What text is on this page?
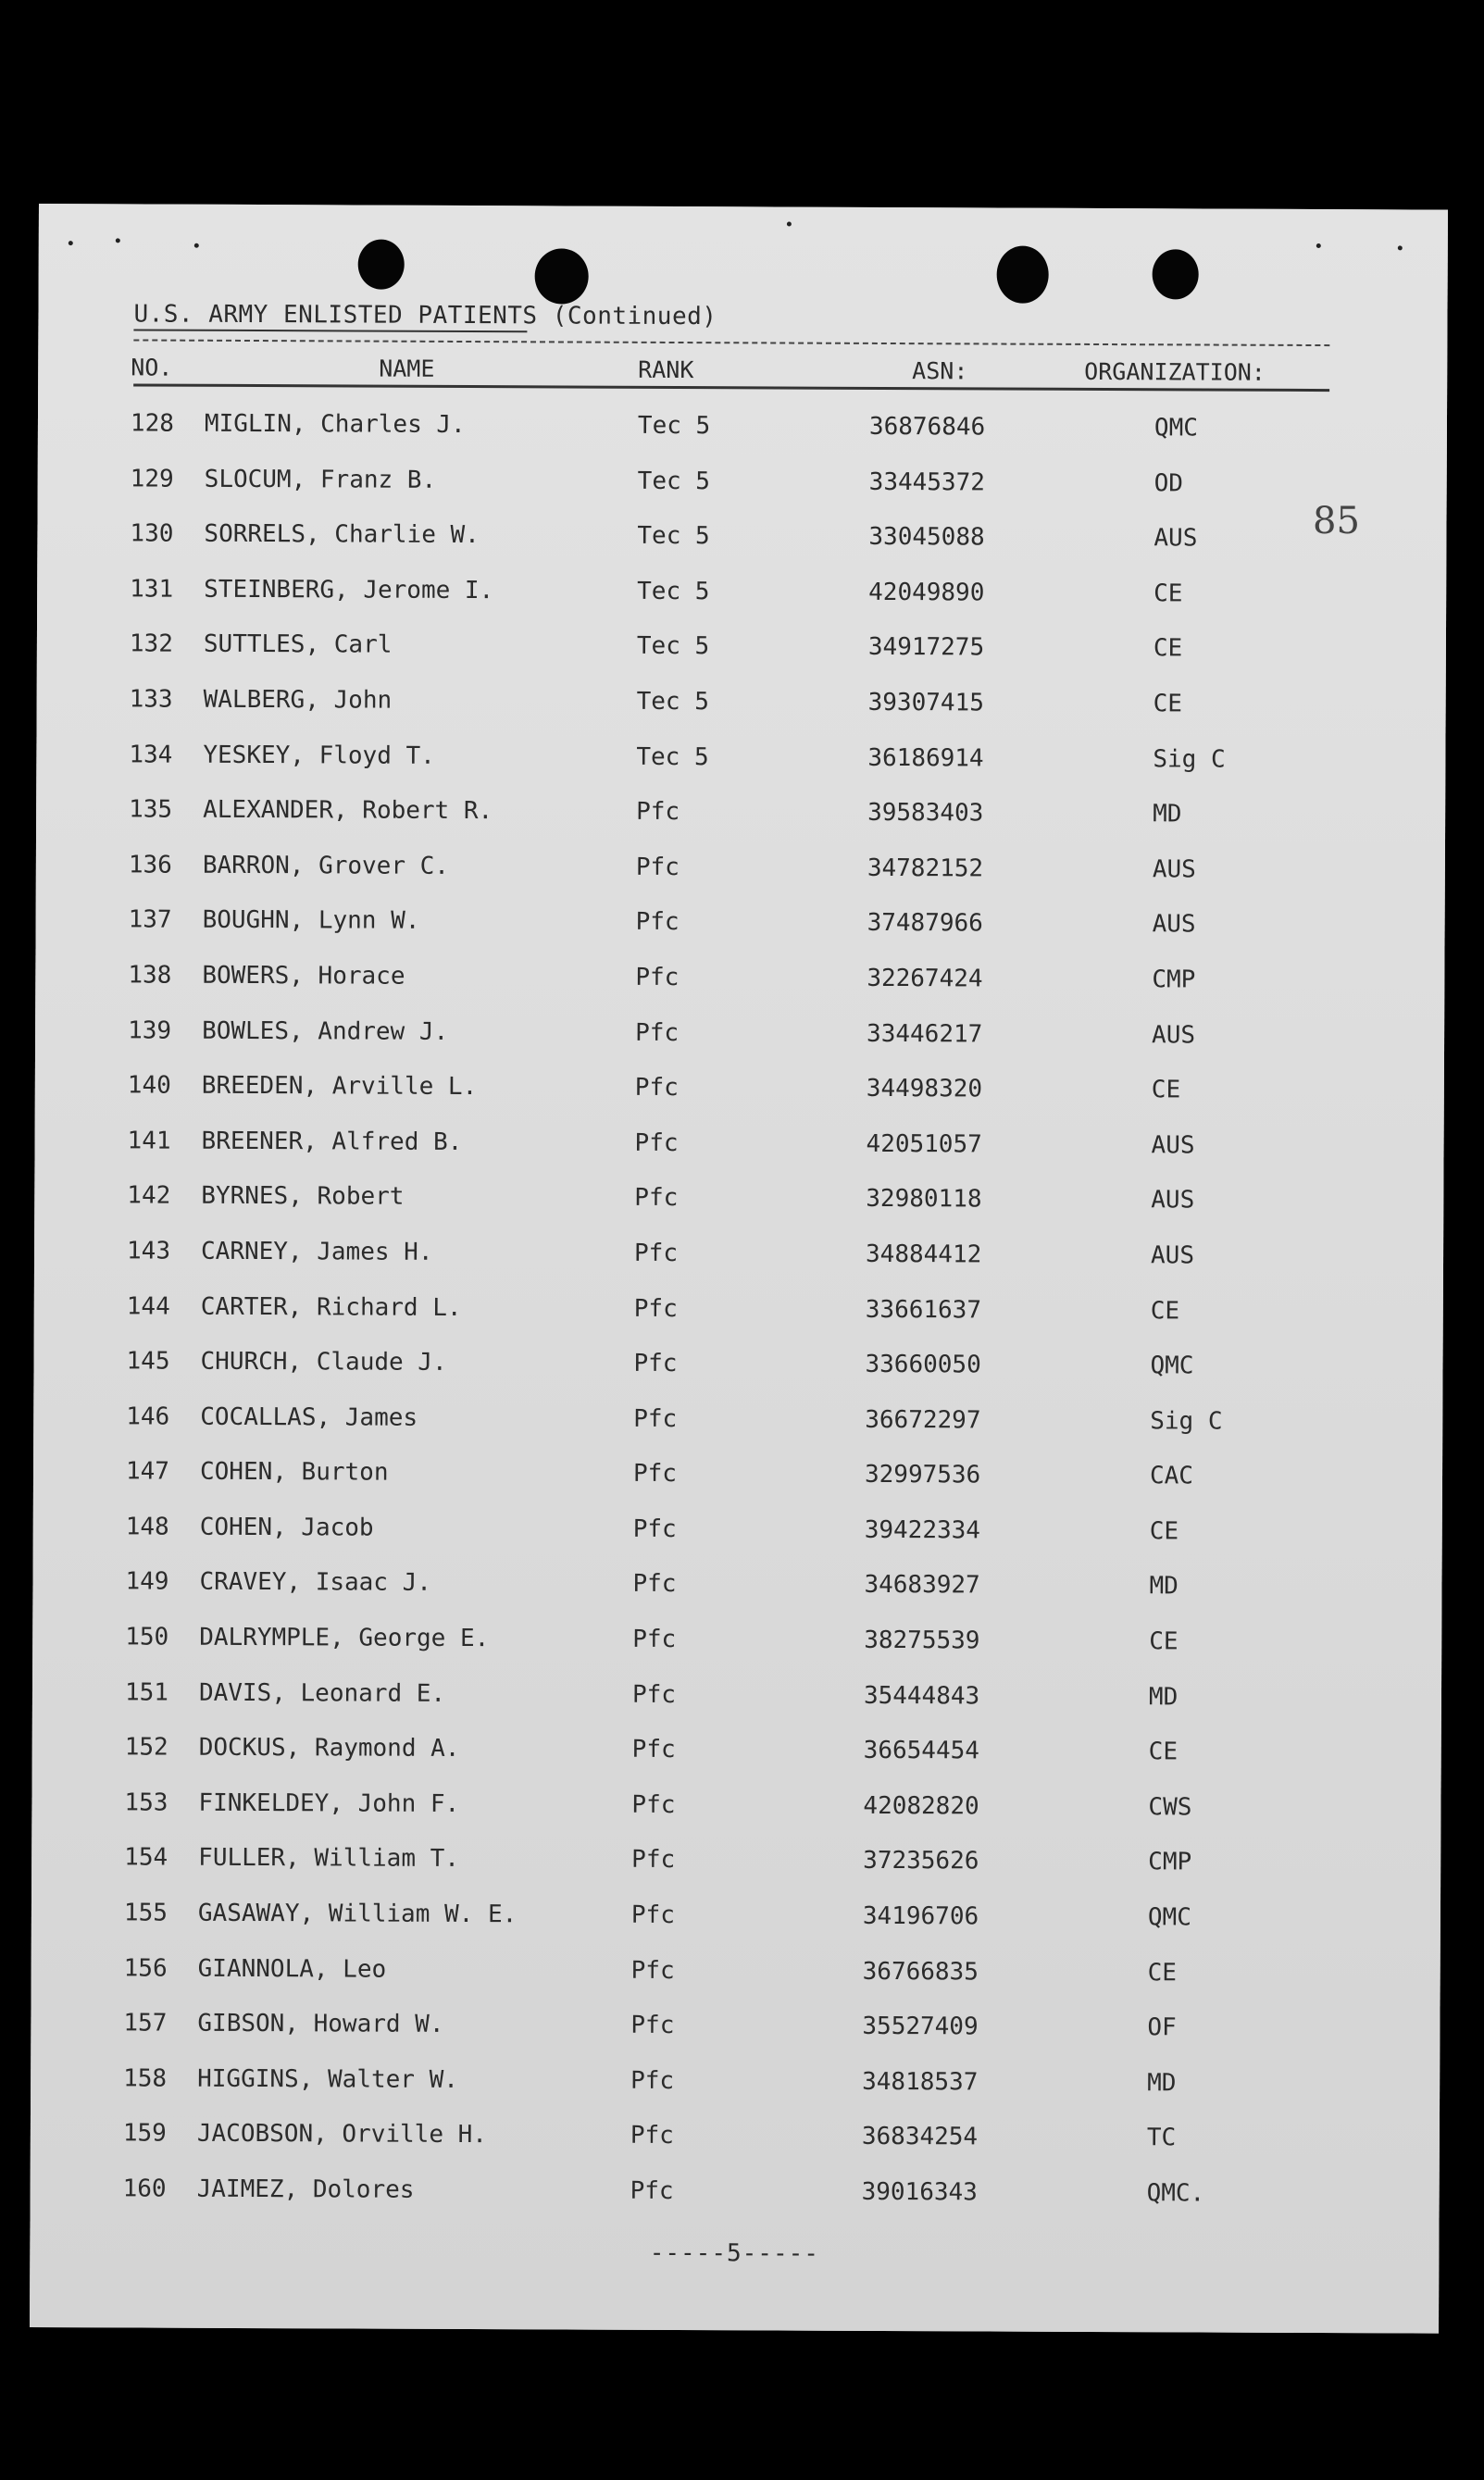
U.S. ARMY ENLISTED PATIENTS (Continued)
NO.	NAME	RANK	ASN:	ORGANIZATION:
128 MIGLIN, Charles J.	Tec 5	36876846	QMC
129 SLOCUM, Franz B.	Tec 5	33445372	OD
130 SORRELS, Charlie W.	Tec 5	33045088	AUS
131 STEINBERG, Jerome I.	Tec 5	42049890	CE
132 SUTTLES, Carl	Tec 5	34917275	CE
133 WALBERG, John	Tec 5	39307415	CE
134 YESKEY, Floyd T.	Tec 5	36186914	Sig C
135 ALEXANDER, Robert R.	Pfc	39583403	MD
136 BARRON, Grover C.	Pfc	34782152	AUS
137 BOUGHN, Lynn W.	Pfc	37487966	AUS
138 BOWERS, Horace	Pfc	32267424	CMP
139 BOWLES, Andrew J.	Pfc	33446217	AUS
140 BREEDEN, Arville L.	Pfc	34498320	CE
141 BREENER, Alfred B.	Pfc	42051057	AUS
142 BYRNES, Robert	Pfc	32980118	AUS
143 CARNEY, James H.	Pfc	34884412	AUS
144 CARTER, Richard L.	Pfc	33661637	CE
145 CHURCH, Claude J.	Pfc	33660050	QMC
146 COCALLAS, James	Pfc	36672297	Sig C
147 COHEN, Burton	Pfc	32997536	CAC
148 COHEN, Jacob	Pfc	39422334	CE
149 CRAVEY, Isaac J.	Pfc	34683927	MD
150 DALRYMPLE, George E.	Pfc	38275539	CE
151 DAVIS, Leonard E.	Pfc	35444843	MD
152 DOCKUS, Raymond A.	Pfc	36654454	CE
153 FINKELDEY, John F.	Pfc	42082820	CWS
154 FULLER, William T.	Pfc	37235626	CMP
155 GASAWAY, William W. E.	Pfc	34196706	QMC
156 GIANNOLA, Leo	Pfc	36766835	CE
157 GIBSON, Howard W.	Pfc	35527409	OF
158 HIGGINS, Walter W.	Pfc	34818537	MD
159 JACOBSON, Orville H.	Pfc	36834254	TC
160 JAIMEZ, Dolores	Pfc	39016343	QMC.
-----5-----
85
